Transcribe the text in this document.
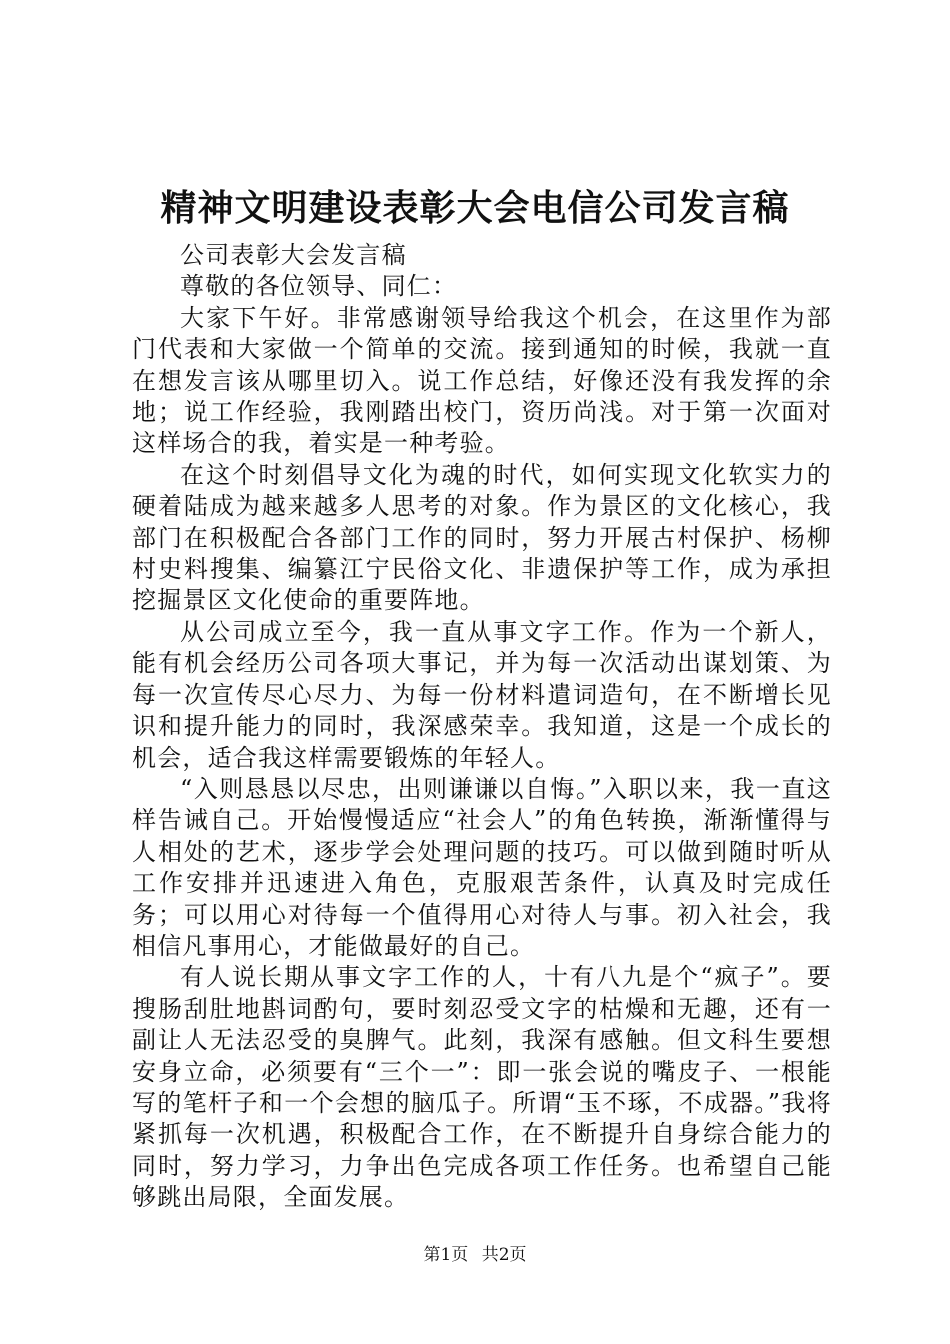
精神文明建设表彰大会电信公司发言稿

公司表彰大会发言稿

尊敬的各位领导、同仁：

大家下午好。非常感谢领导给我这个机会，在这里作为部门代表和大家做一个简单的交流。接到通知的时候，我就一直在想发言该从哪里切入。说工作总结，好像还没有我发挥的余地；说工作经验，我刚踏出校门，资历尚浅。对于第一次面对这样场合的我，着实是一种考验。

在这个时刻倡导文化为魂的时代，如何实现文化软实力的硬着陆成为越来越多人思考的对象。作为景区的文化核心，我部门在积极配合各部门工作的同时，努力开展古村保护、杨柳村史料搜集、编纂江宁民俗文化、非遗保护等工作，成为承担挖掘景区文化使命的重要阵地。

从公司成立至今，我一直从事文字工作。作为一个新人，能有机会经历公司各项大事记，并为每一次活动出谋划策、为每一次宣传尽心尽力、为每一份材料遣词造句，在不断增长见识和提升能力的同时，我深感荣幸。我知道，这是一个成长的机会，适合我这样需要锻炼的年轻人。

“入则恳恳以尽忠，出则谦谦以自悔。”入职以来，我一直这样告诫自己。开始慢慢适应“社会人”的角色转换，渐渐懂得与人相处的艺术，逐步学会处理问题的技巧。可以做到随时听从工作安排并迅速进入角色，克服艰苦条件，认真及时完成任务；可以用心对待每一个值得用心对待人与事。初入社会，我相信凡事用心，才能做最好的自己。

有人说长期从事文字工作的人，十有八九是个“疯子”。要搜肠刮肚地斟词酌句，要时刻忍受文字的枯燥和无趣，还有一副让人无法忍受的臭脾气。此刻，我深有感触。但文科生要想安身立命，必须要有“三个一”：即一张会说的嘴皮子、一根能写的笔杆子和一个会想的脑瓜子。所谓“玉不琢，不成器。”我将紧抓每一次机遇，积极配合工作，在不断提升自身综合能力的同时，努力学习，力争出色完成各项工作任务。也希望自己能够跳出局限，全面发展。

第1页 共2页
